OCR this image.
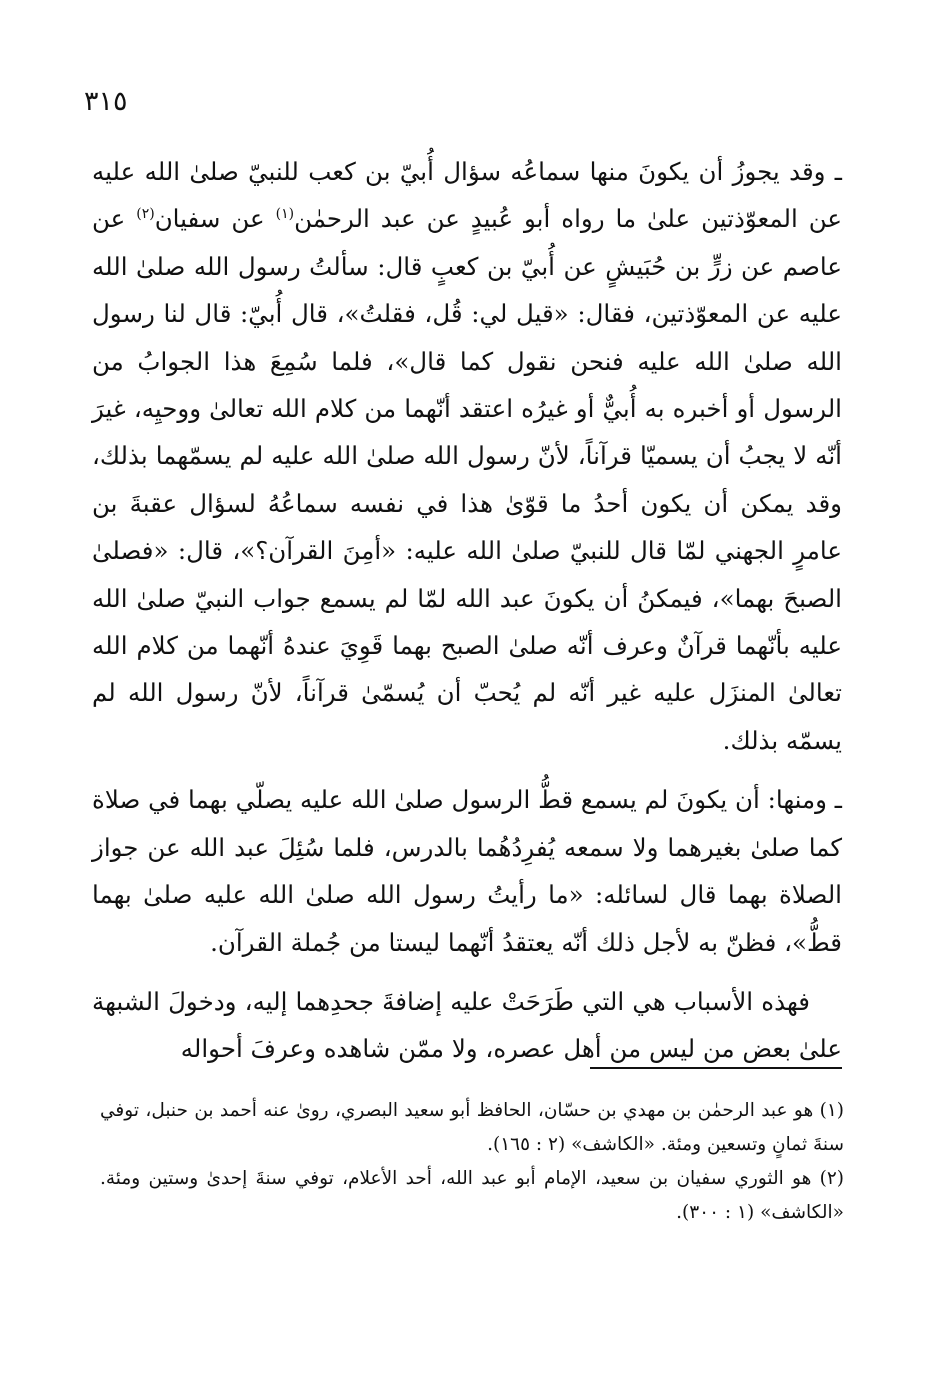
٣١٥

ـ وقد يجوزُ أن يكونَ منها سماعُه سؤال أُبيّ بن كعب للنبيّ صلىٰ الله عليه عن المعوّذتين علىٰ ما رواه أبو عُبيدٍ عن عبد الرحمٰن$^{(١)}$ عن سفيان$^{(٢)}$ عن عاصم عن زرٍّ بن حُبَيشٍ عن أُبيّ بن كعبٍ قال: سألتُ رسول الله صلىٰ الله عليه عن المعوّذتين، فقال: «قيل لي: قُل، فقلتُ»، قال أُبيّ: قال لنا رسول الله صلىٰ الله عليه فنحن نقول كما قال»، فلما سُمِعَ هذا الجوابُ من الرسول أو أخبره به أُبيٌّ أو غيرُه اعتقد أنّهما من كلام الله تعالىٰ ووحيِه، غيرَ أنّه لا يجبُ أن يسميّا قرآناً، لأنّ رسول الله صلىٰ الله عليه لم يسمّهما بذلك، وقد يمكن أن يكون أحدُ ما قوّىٰ هذا في نفسه سماعُهُ لسؤال عقبةَ بن عامرٍ الجهني لمّا قال للنبيّ صلىٰ الله عليه: «أمِنَ القرآن؟»، قال: «فصلىٰ الصبحَ بهما»، فيمكنُ أن يكونَ عبد الله لمّا لم يسمع جواب النبيّ صلىٰ الله عليه بأنّهما قرآنٌ وعرف أنّه صلىٰ الصبح بهما قَوِيَ عندهُ أنّهما من كلام الله تعالىٰ المنزَل عليه غير أنّه لم يُحبّ أن يُسمّىٰ قرآناً، لأنّ رسول الله لم يسمّه بذلك.

ـ ومنها: أن يكونَ لم يسمع قطُّ الرسول صلىٰ الله عليه يصلّي بهما في صلاة كما صلىٰ بغيرهما ولا سمعه يُفرِدُهُما بالدرس، فلما سُئِلَ عبد الله عن جواز الصلاة بهما قال لسائله: «ما رأيتُ رسول الله صلىٰ الله عليه صلىٰ بهما قطُّ»، فظنّ به لأجل ذلك أنّه يعتقدُ أنّهما ليستا من جُملة القرآن.

فهذه الأسباب هي التي طَرَحَتْ عليه إضافةَ جحدِهما إليه، ودخولَ الشبهة علىٰ بعض من ليس من أهل عصره، ولا ممّن شاهده وعرفَ أحواله

(١) هو عبد الرحمٰن بن مهدي بن حسّان، الحافظ أبو سعيد البصري، روىٰ عنه أحمد بن حنبل، توفي سنةَ ثمانٍ وتسعين ومئة. «الكاشف» (٢ : ١٦٥).

(٢) هو الثوري سفيان بن سعيد، الإمام أبو عبد الله، أحد الأعلام، توفي سنةَ إحدىٰ وستين ومئة. «الكاشف» (١ : ٣٠٠).
